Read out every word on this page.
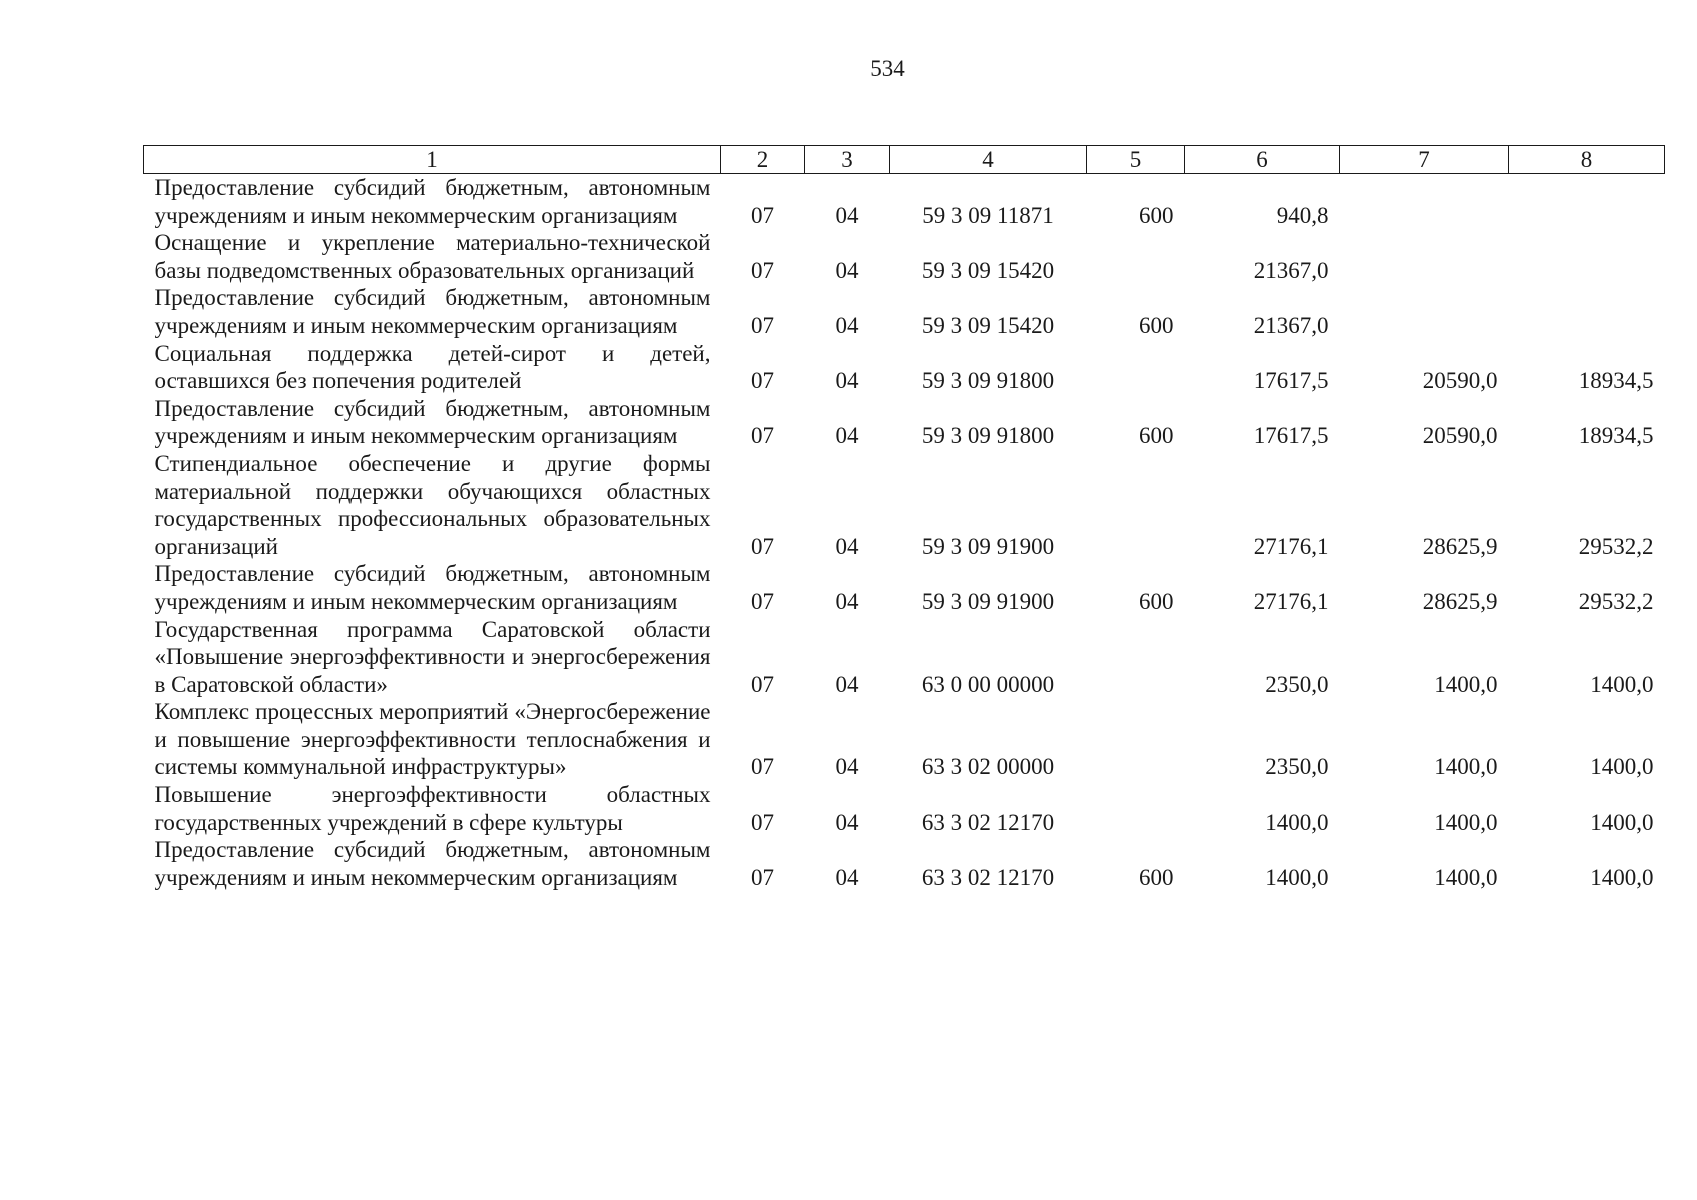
534
1	2	3	4	5	6	7	8
Предоставление субсидий бюджетным, автономным учреждениям и иным некоммерческим организациям	07	04	59 3 09 11871	600	940,8		
Оснащение и укрепление материально-технической базы подведомственных образовательных организаций	07	04	59 3 09 15420		21367,0		
Предоставление субсидий бюджетным, автономным учреждениям и иным некоммерческим организациям	07	04	59 3 09 15420	600	21367,0		
Социальная поддержка детей-сирот и детей, оставшихся без попечения родителей	07	04	59 3 09 91800		17617,5	20590,0	18934,5
Предоставление субсидий бюджетным, автономным учреждениям и иным некоммерческим организациям	07	04	59 3 09 91800	600	17617,5	20590,0	18934,5
Стипендиальное обеспечение и другие формы материальной поддержки обучающихся областных государственных профессиональных образовательных организаций	07	04	59 3 09 91900		27176,1	28625,9	29532,2
Предоставление субсидий бюджетным, автономным учреждениям и иным некоммерческим организациям	07	04	59 3 09 91900	600	27176,1	28625,9	29532,2
Государственная программа Саратовской области «Повышение энергоэффективности и энергосбережения в Саратовской области»	07	04	63 0 00 00000		2350,0	1400,0	1400,0
Комплекс процессных мероприятий «Энергосбережение и повышение энергоэффективности теплоснабжения и системы коммунальной инфраструктуры»	07	04	63 3 02 00000		2350,0	1400,0	1400,0
Повышение энергоэффективности областных государственных учреждений в сфере культуры	07	04	63 3 02 12170		1400,0	1400,0	1400,0
Предоставление субсидий бюджетным, автономным учреждениям и иным некоммерческим организациям	07	04	63 3 02 12170	600	1400,0	1400,0	1400,0
